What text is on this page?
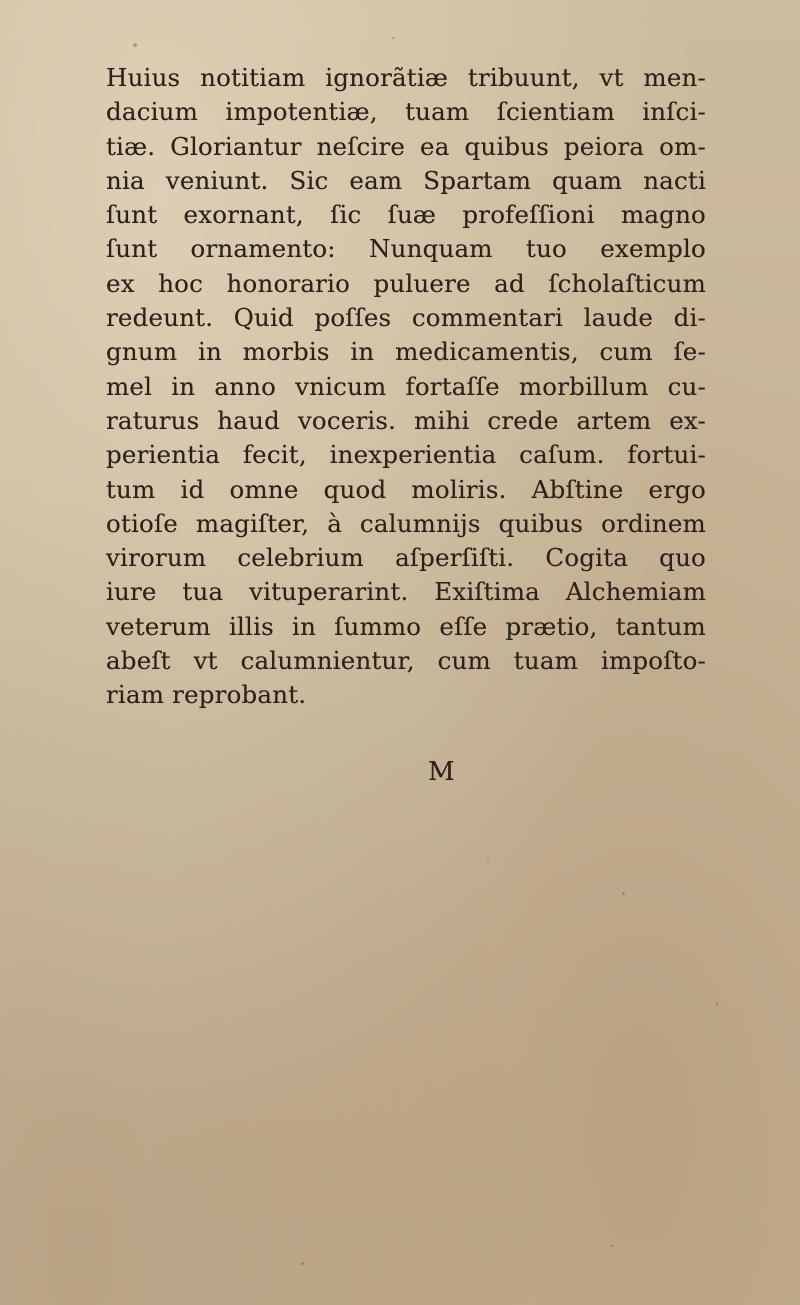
Huius notitiam ignorãtiæ tribuunt, vt men-
dacium impotentiæ, tuam ſcientiam inſci-
tiæ. Gloriantur neſcire ea quibus peiora om-
nia veniunt. Sic eam Spartam quam nacti
ſunt exornant, ſic ſuæ profeſſioni magno
ſunt ornamento: Nunquam tuo exemplo
ex hoc honorario puluere ad ſcholaſticum
redeunt. Quid poſſes commentari laude di-
gnum in morbis in medicamentis, cum ſe-
mel in anno vnicum fortaſſe morbillum cu-
raturus haud voceris. mihi crede artem ex-
perientia fecit, inexperientia caſum. fortui-
tum id omne quod moliris. Abſtine ergo
otioſe magiſter, à calumnijs quibus ordinem
virorum celebrium aſperſiſti. Cogita quo
iure tua vituperarint. Exiſtima Alchemiam
veterum illis in ſummo eſſe prætio, tantum
abeſt vt calumnientur, cum tuam impoſto-
riam reprobant.
M
